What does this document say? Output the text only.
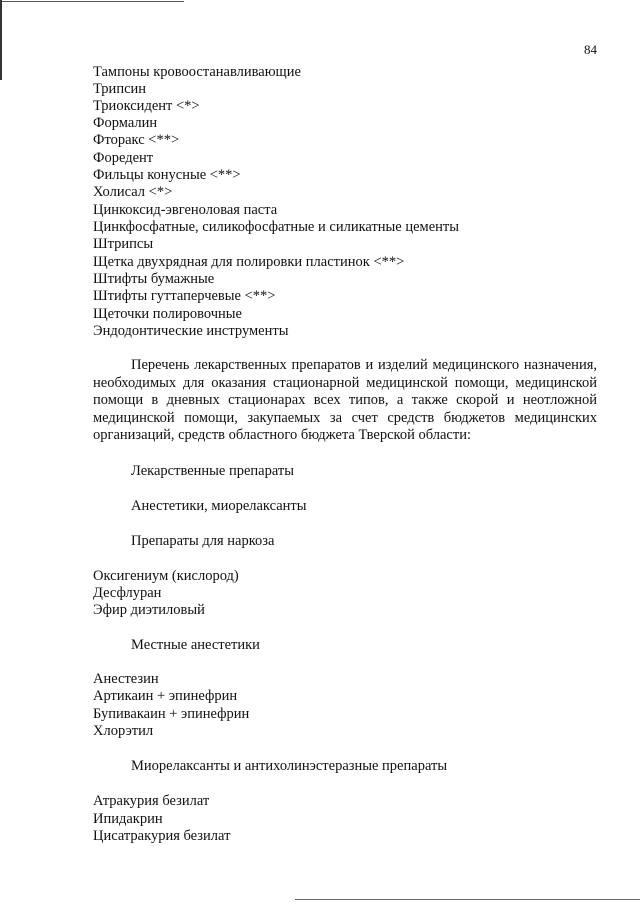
84
Тампоны кровоостанавливающие
Трипсин
Триоксидент <*>
Формалин
Фторакс <**>
Форедент
Фильцы конусные <**>
Холисал <*>
Цинкоксид-эвгеноловая паста
Цинкфосфатные, силикофосфатные и силикатные цементы
Штрипсы
Щетка двухрядная для полировки пластинок <**>
Штифты бумажные
Штифты гуттаперчевые <**>
Щеточки полировочные
Эндодонтические инструменты
Перечень лекарственных препаратов и изделий медицинского назначения, необходимых для оказания стационарной медицинской помощи, медицинской помощи в дневных стационарах всех типов, а также скорой и неотложной медицинской помощи, закупаемых за счет средств бюджетов медицинских организаций, средств областного бюджета Тверской области:
Лекарственные препараты
Анестетики, миорелаксанты
Препараты для наркоза
Оксигениум (кислород)
Десфлуран
Эфир диэтиловый
Местные анестетики
Анестезин
Артикаин + эпинефрин
Бупивакаин + эпинефрин
Хлорэтил
Миорелаксанты и антихолинэстеразные препараты
Атракурия безилат
Ипидакрин
Цисатракурия безилат
